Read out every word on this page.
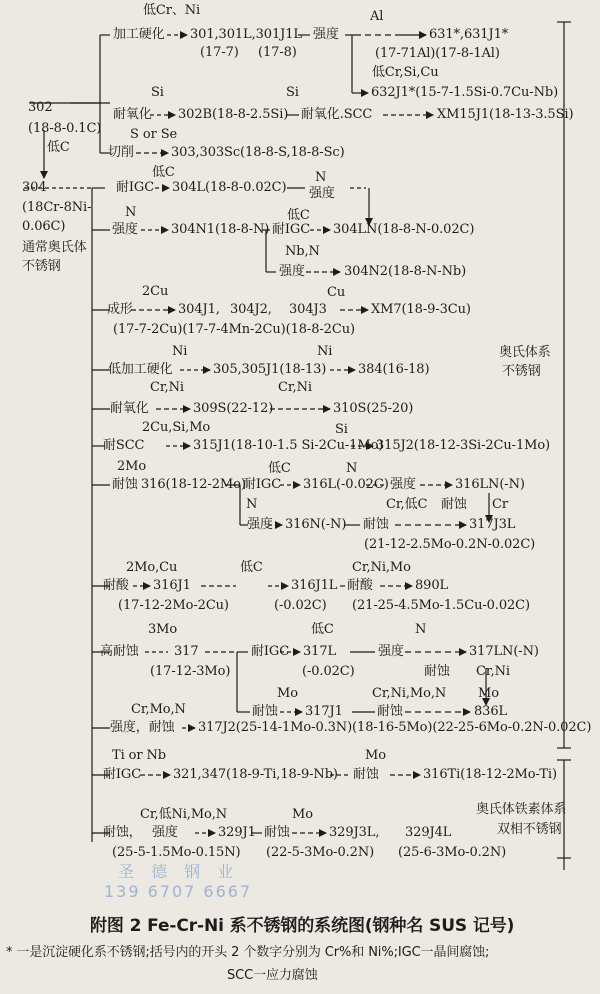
低Cr、Ni
加工硬化 301,301L,301J1L
(17-7) (17-8)
强度
Al
631*,631J1*
(17-71Al)(17-8-1Al)
低Cr,Si,Cu
632J1*(15-7-1.5Si-0.7Cu-Nb)
Si	Si
耐氧化 302B(18-8-2.5Si) 耐氧化.SCC	XM15J1(18-13-3.5Si)
S or Se
切削	303,303Sc(18-8-S,18-8-Sc)
302
(18-8-0.1C)
低C
304
(18Cr-8Ni-
0.06C)
通常奥氏体
不锈钢
低C
耐IGC 304L(18-8-0.02C)
N
强度
N
强度	304N1(18-8-N)
低C
耐IGC 304LN(18-8-N-0.02C)
Nb,N
强度	304N2(18-8-N-Nb)
2Cu
成形	304J1, 304J2, 304J3
Cu
XM7(18-9-3Cu)
(17-7-2Cu)(17-7-4Mn-2Cu)(18-8-2Cu)
Ni	Ni
低加工硬化	305,305J1(18-13) 384(16-18)
Cr,Ni	Cr,Ni
耐氧化	309S(22-12)	310S(25-20)
2Cu,Si,Mo	Si
耐SCC	315J1(18-10-1.5 Si-2Cu-1Mo)
315J2(18-12-3Si-2Cu-1Mo)
2Mo	低C	N
耐蚀 316(18-12-2Mo)
耐IGC 316L(-0.02C) 强度	316LN(-N)
N	Cr,低C 耐蚀 Cr
强度 316N(-N) 耐蚀	317J3L
(21-12-2.5Mo-0.2N-0.02C)
2Mo,Cu	低C	Cr,Ni,Mo
耐酸 316J1	316J1L 耐酸	890L
(17-12-2Mo-2Cu)	(-0.02C) (21-25-4.5Mo-1.5Cu-0.02C)
3Mo	低C	N
高耐蚀	317	耐IGC 317L	强度	317LN(-N)
(17-12-3Mo)	(-0.02C)	耐蚀 Cr,Ni
Mo	Cr,Ni,Mo,N Mo
耐蚀 317J1	耐蚀	836L
Cr,Mo,N
强度，耐蚀 317J2(25-14-1Mo-0.3N)(18-16-5Mo)(22-25-6Mo-0.2N-0.02C)
Ti or Nb	Mo
耐IGC 321,347(18-9-Ti,18-9-Nb) 耐蚀	316Ti(18-12-2Mo-Ti)
Cr,低Ni,Mo,N	Mo
耐蚀， 强度	329J1 耐蚀	329J3L, 329J4L
(25-5-1.5Mo-0.15N) (22-5-3Mo-0.2N) (25-6-3Mo-0.2N)
奥氏体系
不锈钢
奥氏体铁素体系
双相不锈钢
圣 德 钢 业
139 6707 6667
附图 2 Fe-Cr-Ni 系不锈钢的系统图(钢种名 SUS 记号)
* 一是沉淀硬化系不锈钢;括号内的开头 2 个数字分别为 Cr%和 Ni%;IGC一晶间腐蚀;
SCC一应力腐蚀
